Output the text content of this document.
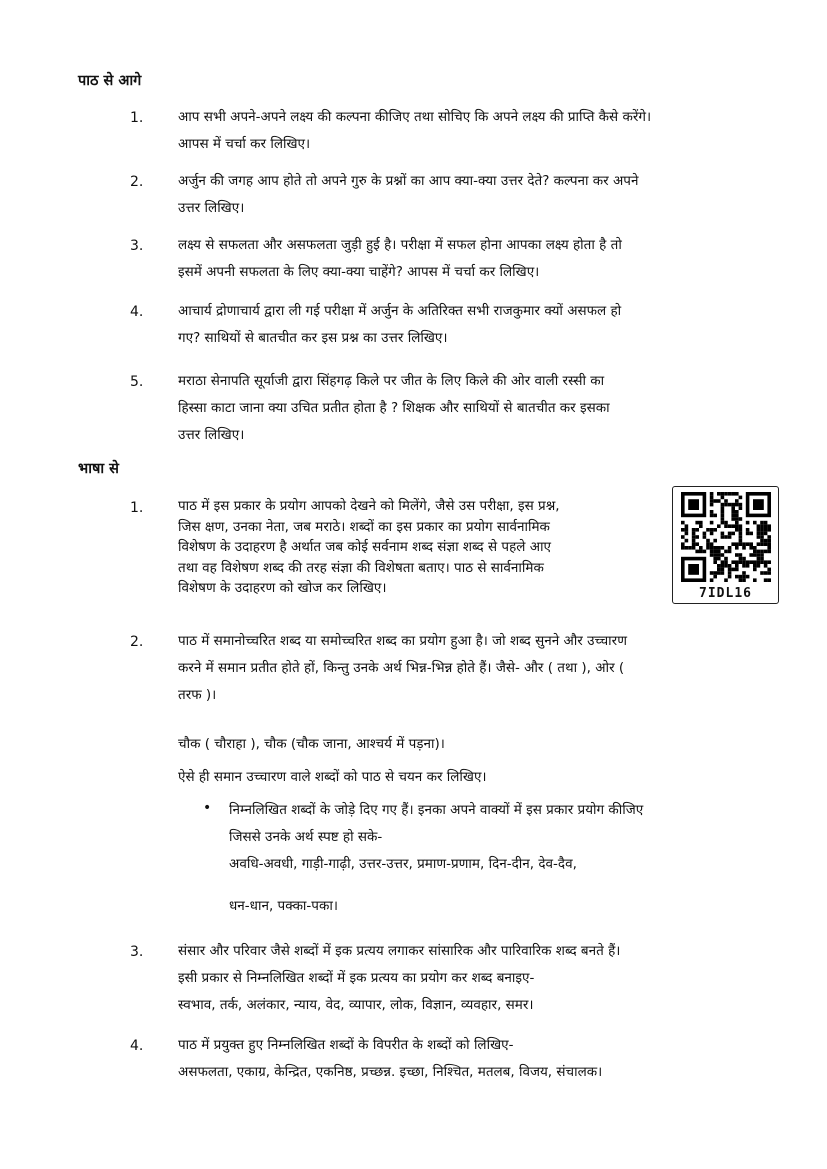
पाठ से आगे
1.	आप सभी अपने-अपने लक्ष्य की कल्पना कीजिए तथा सोचिए कि अपने लक्ष्य की प्राप्ति कैसे करेंगे।
आपस में चर्चा कर लिखिए।
2.	अर्जुन की जगह आप होते तो अपने गुरु के प्रश्नों का आप क्या-क्या उत्तर देते? कल्पना कर अपने
उत्तर लिखिए।
3.	लक्ष्य से सफलता और असफलता जुड़ी हुई है। परीक्षा में सफल होना आपका लक्ष्य होता है तो
इसमें अपनी सफलता के लिए क्या-क्या चाहेंगे? आपस में चर्चा कर लिखिए।
4.	आचार्य द्रोणाचार्य द्वारा ली गई परीक्षा में अर्जुन के अतिरिक्त सभी राजकुमार क्यों असफल हो
गए? साथियों से बातचीत कर इस प्रश्न का उत्तर लिखिए।
5.	मराठा सेनापति सूर्याजी द्वारा सिंहगढ़ किले पर जीत के लिए किले की ओर वाली रस्सी का
हिस्सा काटा जाना क्या उचित प्रतीत होता है ? शिक्षक और साथियों से बातचीत कर इसका
उत्तर लिखिए।
भाषा से
1.	पाठ में इस प्रकार के प्रयोग आपको देखने को मिलेंगे, जैसे उस परीक्षा, इस प्रश्न,
जिस क्षण, उनका नेता, जब मराठे। शब्दों का इस प्रकार का प्रयोग सार्वनामिक
विशेषण के उदाहरण है अर्थात जब कोई सर्वनाम शब्द संज्ञा शब्द से पहले आए
तथा वह विशेषण शब्द की तरह संज्ञा की विशेषता बताए। पाठ से सार्वनामिक
विशेषण के उदाहरण को खोज कर लिखिए।	7IDL16
2.	पाठ में समानोच्चरित शब्द या समोच्चरित शब्द का प्रयोग हुआ है। जो शब्द सुनने और उच्चारण
करने में समान प्रतीत होते हों, किन्तु उनके अर्थ भिन्न-भिन्न होते हैं। जैसे- और ( तथा ), ओर (
तरफ )।
चौक ( चौराहा ), चौक (चौक जाना, आश्चर्य में पड़ना)।
ऐसे ही समान उच्चारण वाले शब्दों को पाठ से चयन कर लिखिए।
• निम्नलिखित शब्दों के जोड़े दिए गए हैं। इनका अपने वाक्यों में इस प्रकार प्रयोग कीजिए
जिससे उनके अर्थ स्पष्ट हो सके-
अवधि-अवधी, गाड़ी-गाढ़ी, उत्तर-उत्तर, प्रमाण-प्रणाम, दिन-दीन, देव-दैव,
धन-धान, पक्का-पका।
3.	संसार और परिवार जैसे शब्दों में इक प्रत्यय लगाकर सांसारिक और पारिवारिक शब्द बनते हैं।
इसी प्रकार से निम्नलिखित शब्दों में इक प्रत्यय का प्रयोग कर शब्द बनाइए-
स्वभाव, तर्क, अलंकार, न्याय, वेद, व्यापार, लोक, विज्ञान, व्यवहार, समर।
4.	पाठ में प्रयुक्त हुए निम्नलिखित शब्दों के विपरीत के शब्दों को लिखिए-
असफलता, एकाग्र, केन्द्रित, एकनिष्ठ, प्रच्छन्न. इच्छा, निश्चित, मतलब, विजय, संचालक।
